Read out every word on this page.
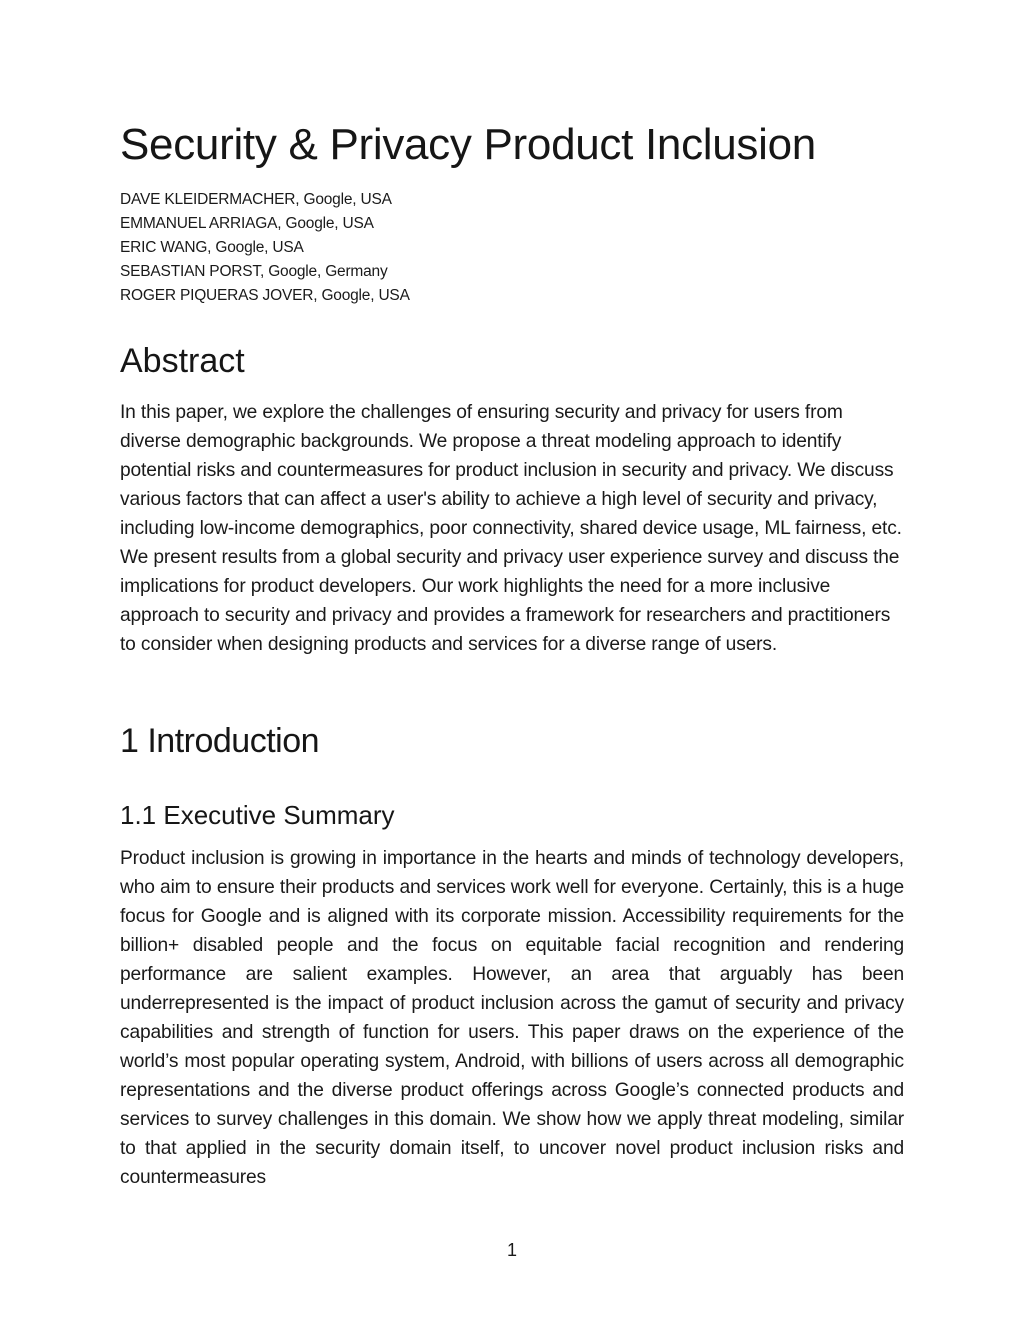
Security & Privacy Product Inclusion
DAVE KLEIDERMACHER, Google, USA
EMMANUEL ARRIAGA, Google, USA
ERIC WANG, Google, USA
SEBASTIAN PORST, Google, Germany
ROGER PIQUERAS JOVER, Google, USA
Abstract

In this paper, we explore the challenges of ensuring security and privacy for users from diverse demographic backgrounds. We propose a threat modeling approach to identify potential risks and countermeasures for product inclusion in security and privacy. We discuss various factors that can affect a user's ability to achieve a high level of security and privacy, including low-income demographics, poor connectivity, shared device usage, ML fairness, etc. We present results from a global security and privacy user experience survey and discuss the implications for product developers. Our work highlights the need for a more inclusive approach to security and privacy and provides a framework for researchers and practitioners to consider when designing products and services for a diverse range of users.

1 Introduction
1.1 Executive Summary

Product inclusion is growing in importance in the hearts and minds of technology developers, who aim to ensure their products and services work well for everyone. Certainly, this is a huge focus for Google and is aligned with its corporate mission. Accessibility requirements for the billion+ disabled people and the focus on equitable facial recognition and rendering performance are salient examples. However, an area that arguably has been underrepresented is the impact of product inclusion across the gamut of security and privacy capabilities and strength of function for users. This paper draws on the experience of the world’s most popular operating system, Android, with billions of users across all demographic representations and the diverse product offerings across Google’s connected products and services to survey challenges in this domain. We show how we apply threat modeling, similar to that applied in the security domain itself, to uncover novel product inclusion risks and countermeasures

1
